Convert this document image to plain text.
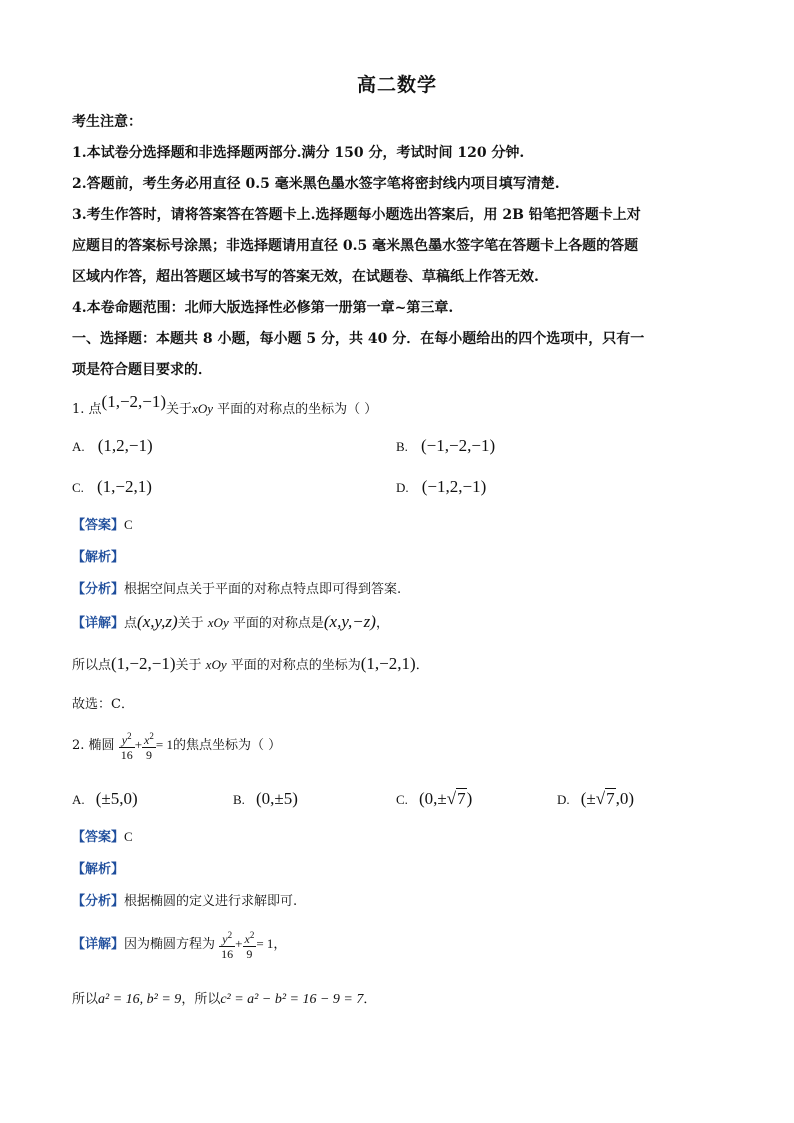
高二数学
考生注意：
1.本试卷分选择题和非选择题两部分.满分 150 分，考试时间 120 分钟.
2.答题前，考生务必用直径 0.5 毫米黑色墨水签字笔将密封线内项目填写清楚.
3.考生作答时，请将答案答在答题卡上.选择题每小题选出答案后，用 2B 铅笔把答题卡上对
应题目的答案标号涂黑；非选择题请用直径 0.5 毫米黑色墨水签字笔在答题卡上各题的答题
区域内作答，超出答题区域书写的答案无效，在试题卷、草稿纸上作答无效.
4.本卷命题范围：北师大版选择性必修第一册第一章~第三章.
一、选择题：本题共 8 小题，每小题 5 分，共 40 分．在每小题给出的四个选项中，只有一
项是符合题目要求的．
1. 点(1,−2,−1)关于xOy 平面的对称点的坐标为（ ）
A. (1,2,−1)	B. (−1,−2,−1)
C. (1,−2,1)	D. (−1,2,−1)
【答案】C
【解析】
【分析】根据空间点关于平面的对称点特点即可得到答案.
【详解】点(x,y,z)关于 xOy 平面的对称点是(x,y,−z)，
所以点(1,−2,−1)关于 xOy 平面的对称点的坐标为(1,−2,1)．
故选：C．
2. 椭圆 $\frac{y^2}{16} + \frac{x^2}{9} = 1$的焦点坐标为（ ）
A. (±5,0)	B. (0,±5)	C. (0,±√7)	D. (±√7,0)
【答案】C
【解析】
【分析】根据椭圆的定义进行求解即可.
【详解】因为椭圆方程为 $\frac{y^2}{16} + \frac{x^2}{9} = 1$，
所以a² = 16, b² = 9，所以c² = a² − b² = 16 − 9 = 7．
